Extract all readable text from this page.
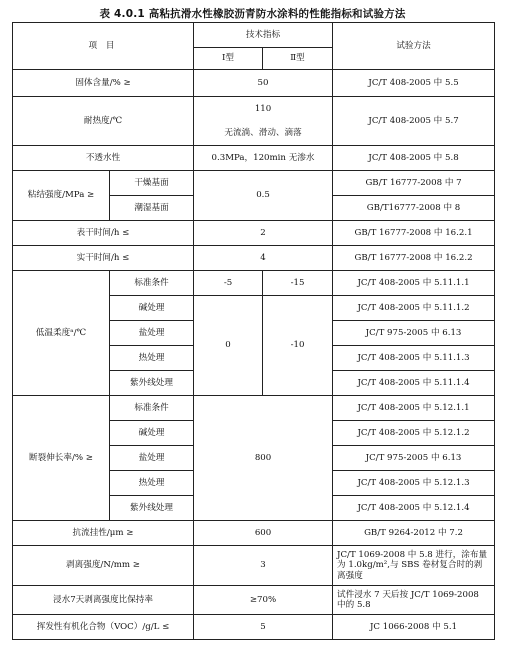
表 4.0.1 高粘抗滑水性橡胶沥青防水涂料的性能指标和试验方法
项 目		技术指标		试验方法
		Ⅰ型	Ⅱ型	
固体含量/% ≥		50		JC/T 408-2005 中 5.5
耐热度/℃		110		JC/T 408-2005 中 5.7
		无流淌、滑动、滴落		
不透水性		0.3MPa，120min 无渗水		JC/T 408-2005 中 5.8
粘结强度/MPa ≥	干燥基面	0.5		GB/T 16777-2008 中 7
	潮湿基面			GB/T16777-2008 中 8
表干时间/h ≤		2		GB/T 16777-2008 中 16.2.1
实干时间/h ≤		4		GB/T 16777-2008 中 16.2.2
低温柔度ᵃ/℃	标准条件	-5	-15	JC/T 408-2005 中 5.11.1.1
	碱处理	0	-10	JC/T 408-2005 中 5.11.1.2
	盐处理			JC/T 975-2005 中 6.13
	热处理			JC/T 408-2005 中 5.11.1.3
	紫外线处理			JC/T 408-2005 中 5.11.1.4
断裂伸长率/% ≥	标准条件	800		JC/T 408-2005 中 5.12.1.1
	碱处理			JC/T 408-2005 中 5.12.1.2
	盐处理			JC/T 975-2005 中 6.13
	热处理			JC/T 408-2005 中 5.12.1.3
	紫外线处理			JC/T 408-2005 中 5.12.1.4
抗流挂性/μm ≥		600		GB/T 9264-2012 中 7.2
剥离强度/N/mm ≥		3		JC/T 1069-2008 中 5.8 进行，涂布量为 1.0kg/m²,与 SBS 卷材复合时的剥离强度
浸水7天剥离强度比保持率		≥70%		试件浸水 7 天后按 JC/T 1069-2008 中的 5.8
挥发性有机化合物（VOC）/g/L ≤		5		JC 1066-2008 中 5.1
